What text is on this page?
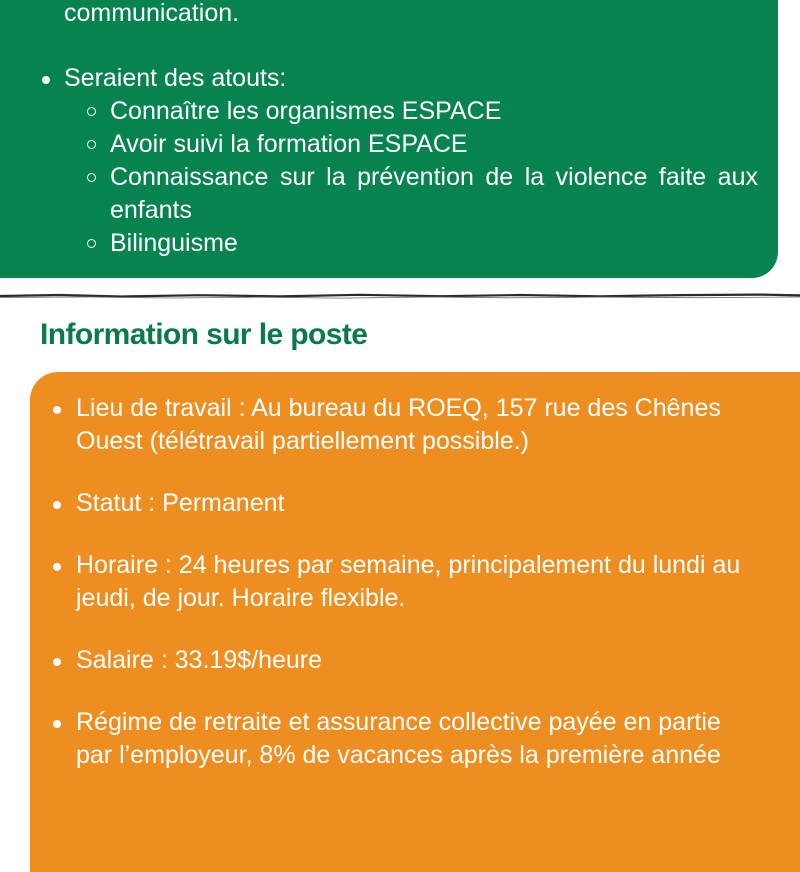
communication.

Seraient des atouts:
Connaître les organismes ESPACE
Avoir suivi la formation ESPACE
Connaissance sur la prévention de la violence faite aux enfants
Bilinguisme
Information sur le poste
Lieu de travail : Au bureau du ROEQ, 157 rue des Chênes Ouest (télétravail partiellement possible.)
Statut : Permanent
Horaire : 24 heures par semaine, principalement du lundi au jeudi, de jour. Horaire flexible.
Salaire : 33.19$/heure
Régime de retraite et assurance collective payée en partie par l’employeur, 8% de vacances après la première année
